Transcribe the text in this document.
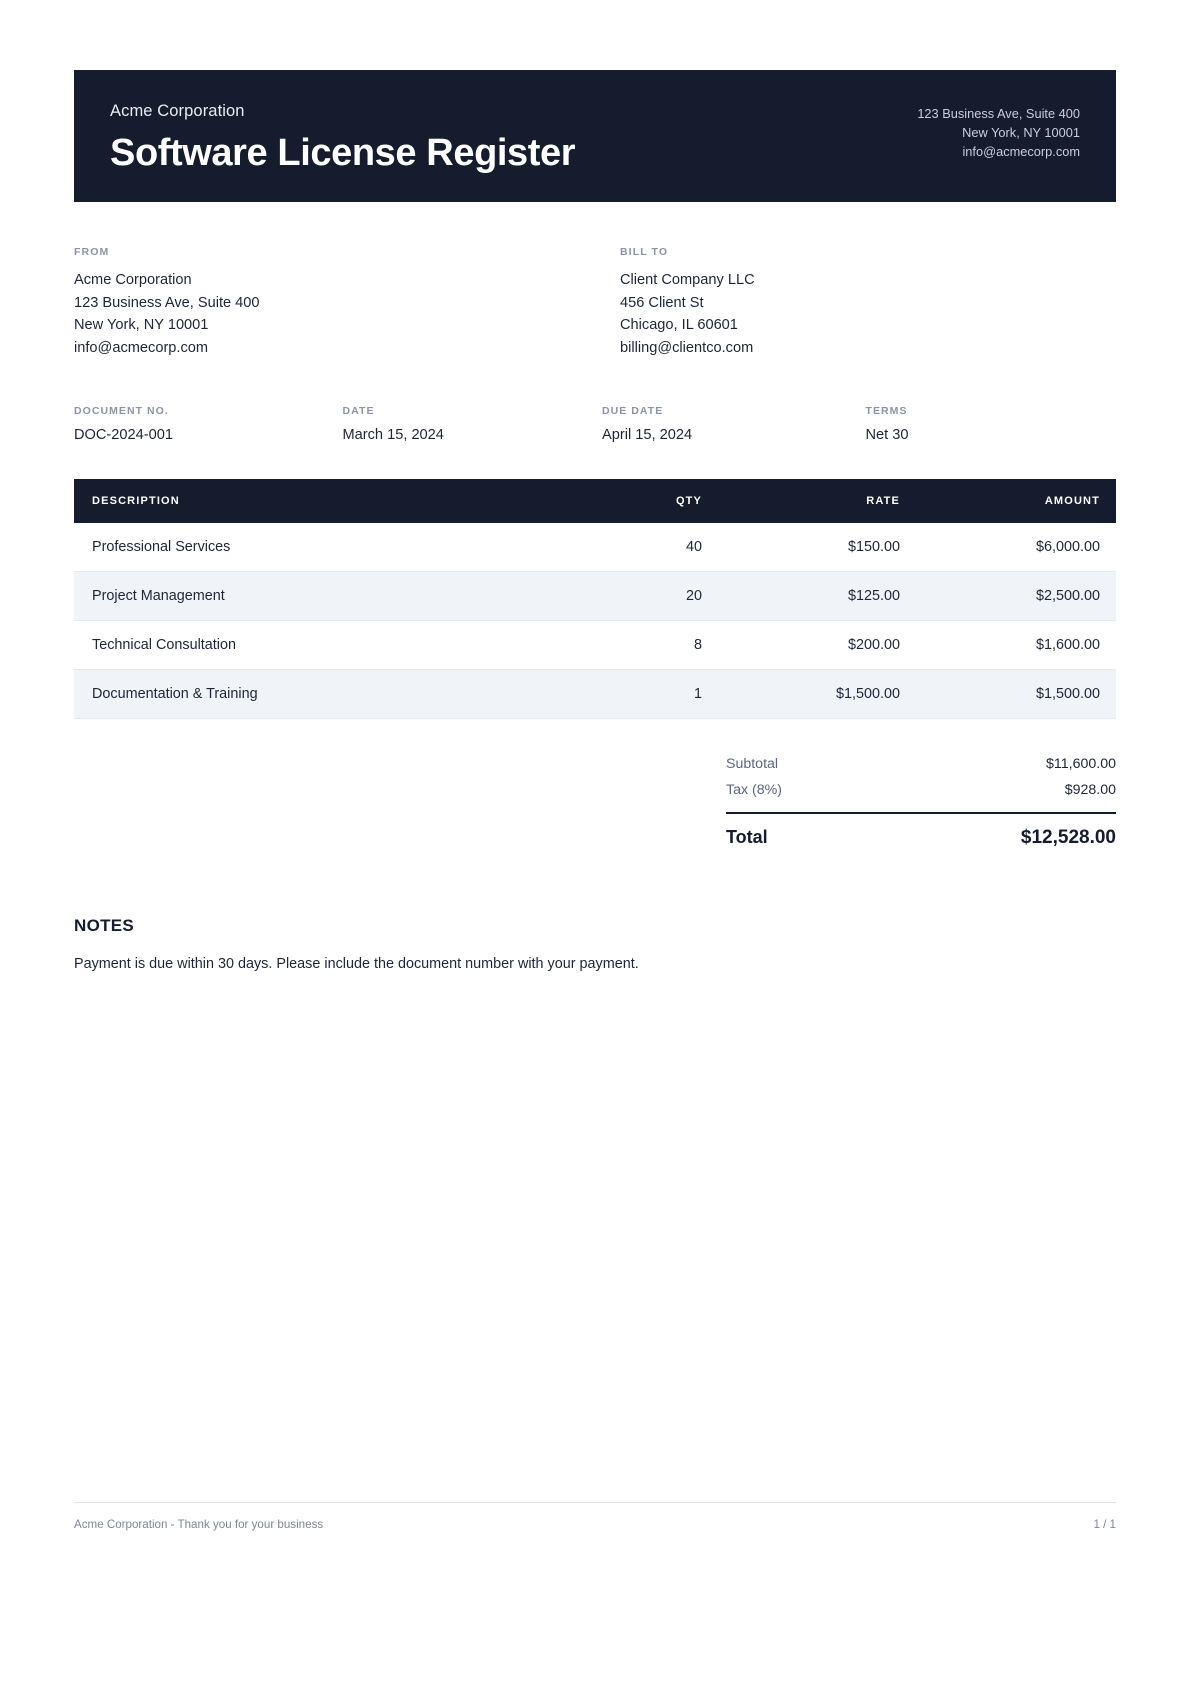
Acme Corporation
Software License Register
123 Business Ave, Suite 400
New York, NY 10001
info@acmecorp.com
FROM
Acme Corporation
123 Business Ave, Suite 400
New York, NY 10001
info@acmecorp.com
BILL TO
Client Company LLC
456 Client St
Chicago, IL 60601
billing@clientco.com
DOCUMENT NO.
DOC-2024-001
DATE
March 15, 2024
DUE DATE
April 15, 2024
TERMS
Net 30
DESCRIPTION	QTY	RATE	AMOUNT
Professional Services	40	$150.00	$6,000.00
Project Management	20	$125.00	$2,500.00
Technical Consultation	8	$200.00	$1,600.00
Documentation & Training	1	$1,500.00	$1,500.00
Subtotal	$11,600.00
Tax (8%)	$928.00
Total	$12,528.00
NOTES
Payment is due within 30 days. Please include the document number with your payment.
Acme Corporation - Thank you for your business	1 / 1
